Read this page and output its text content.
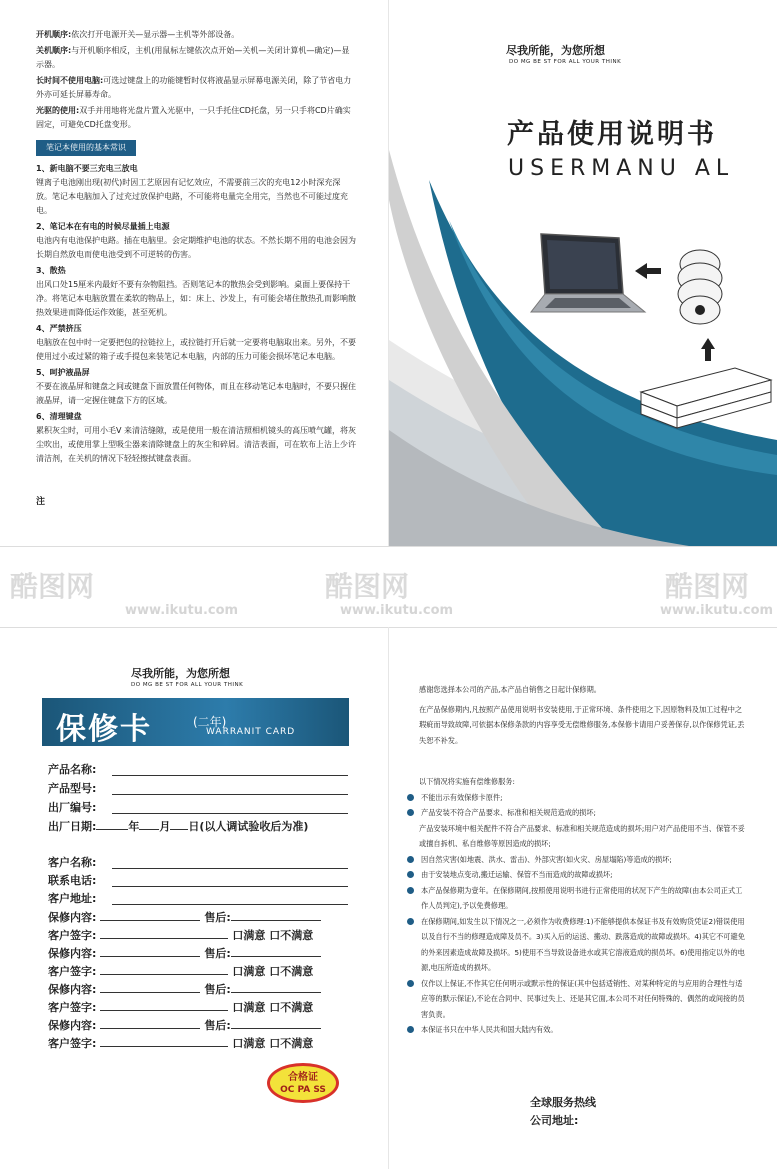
开机顺序:依次打开电源开关—显示器—主机等外部设备。

关机顺序:与开机顺序相反，主机(用鼠标左键依次点开始—关机—关闭计算机—确定)—显示器。

长时间不使用电脑:可选过键盘上的功能键暂时仅将液晶显示屏幕电源关闭，除了节省电力外亦可延长屏幕寿命。

光驱的使用:双手并用地将光盘片置入光驱中，一只手托住CD托盘，另一只手将CD片确实固定，可避免CD托盘变形。

笔记本使用的基本常识
1、新电脑不要三充电三放电

锂离子电池刚出现(初代)时因工艺原因有记忆效应，不需要前三次的充电12小时深充深放。笔记本电脑加入了过充过放保护电路，不可能将电量完全用完，当然也不可能过度充电。

2、笔记本在有电的时候尽量插上电源

电池内有电池保护电路。插在电脑里。会定期维护电池的状态。不然长期不用的电池会因为长期自然放电而使电池受到不可逆转的伤害。

3、散热

出风口处15厘米内最好不要有杂物阻挡。否则笔记本的散热会受到影响。桌面上要保持干净。将笔记本电脑放置在柔软的物品上，如：床上、沙发上，有可能会堵住散热孔而影响散热效果进而降低运作效能，甚至死机。

4、严禁挤压

电脑放在包中时一定要把包的拉链拉上，或拉链打开后就一定要将电脑取出来。另外，不要使用过小或过紧的箱子或手提包来装笔记本电脑，内部的压力可能会损坏笔记本电脑。

5、呵护液晶屏

不要在液晶屏和键盘之间或键盘下面放置任何物体，而且在移动笔记本电脑时，不要只握住液晶屏，请一定握住键盘下方的区域。

6、清理键盘

累积灰尘时，可用小毛V 来清洁缝隙，或是使用一般在清洁照相机镜头的高压喷气罐，将灰尘吹出，或使用掌上型吸尘器来清除键盘上的灰尘和碎屑。清洁表面，可在软布上沾上少许清洁剂，在关机的情况下轻轻擦拭键盘表面。

注
尽我所能，为您所想
DO MG BE ST FOR ALL YOUR THINK
产品使用说明书
USERMANU AL
酷图网
www.ikutu.com
酷图网
www.ikutu.com
酷图网
www.ikutu.com
尽我所能，为您所想
DO MG BE ST FOR ALL YOUR THINK
保修卡	(二年)
WARRANIT CARD
产品名称:
产品型号:
出厂编号:
出厂日期:	年 月 日(以人调试验收后为准)
客户名称:
联系电话:
客户地址:
保修内容:	售后:
客户签字:	口满意 口不满意
保修内容:	售后:
客户签字:	口满意 口不满意
保修内容:	售后:
客户签字:	口满意 口不满意
保修内容:	售后:
客户签字:	口满意 口不满意
合格证
OC PA SS

感谢您选择本公司的产品,本产品自销售之日起计保修期。

在产品保修期内,凡按照产品使用说明书安装使用,于正常环境、条件使用之下,因原物料及加工过程中之瑕疵而导致故障,可依据本保修条款的内容享受无偿维修服务,本保修卡请用户妥善保存,以作保修凭证,丢失恕不补发。

以下情况将实施有偿维修服务:

不能出示有效保修卡原件;

产品安装不符合产品要求、标准和相关规范造成的损坏;

产品安装环境中相关配件不符合产品要求、标准和相关规范造成的损坏;用户对产品使用不当、保管不妥或擅自拆机、私自维修等原因造成的损坏;

因自然灾害(如地震、洪水、雷击)、外部灾害(如火灾、房屋塌陷)等造成的损坏;

由于安装地点变动,搬迁运输、保管不当而造成的故障或损坏;

本产品保修期为壹年。在保修期间,按照使用说明书进行正常使用的状况下产生的故障(由本公司正式工作人员判定),予以免费修理。

在保修期间,如发生以下情况之一,必须作为收费修理:1)不能够提供本保证书及有效购货凭证2)错误使用以及自行不当的修理造成障及员不。3)买入后的运送、搬动、跌落造成的故障或损坏。4)其它不可避免的外来因素造成故障及损坏。5)使用不当导致设备进水或其它溶液造成的损员坏。6)使用指定以外的电源,电压所造成的损坏。

仅作以上保证,不作其它任何明示或默示性的保证(其中包括适销性、对某种特定的与应用的合理性与适应等的默示保证),不论在合同中、民事过失上、还是其它面,本公司不对任何特殊的、偶然的或间接的员害负责。

本保证书只在中华人民共和国大陆内有效。

全球服务热线
公司地址:
